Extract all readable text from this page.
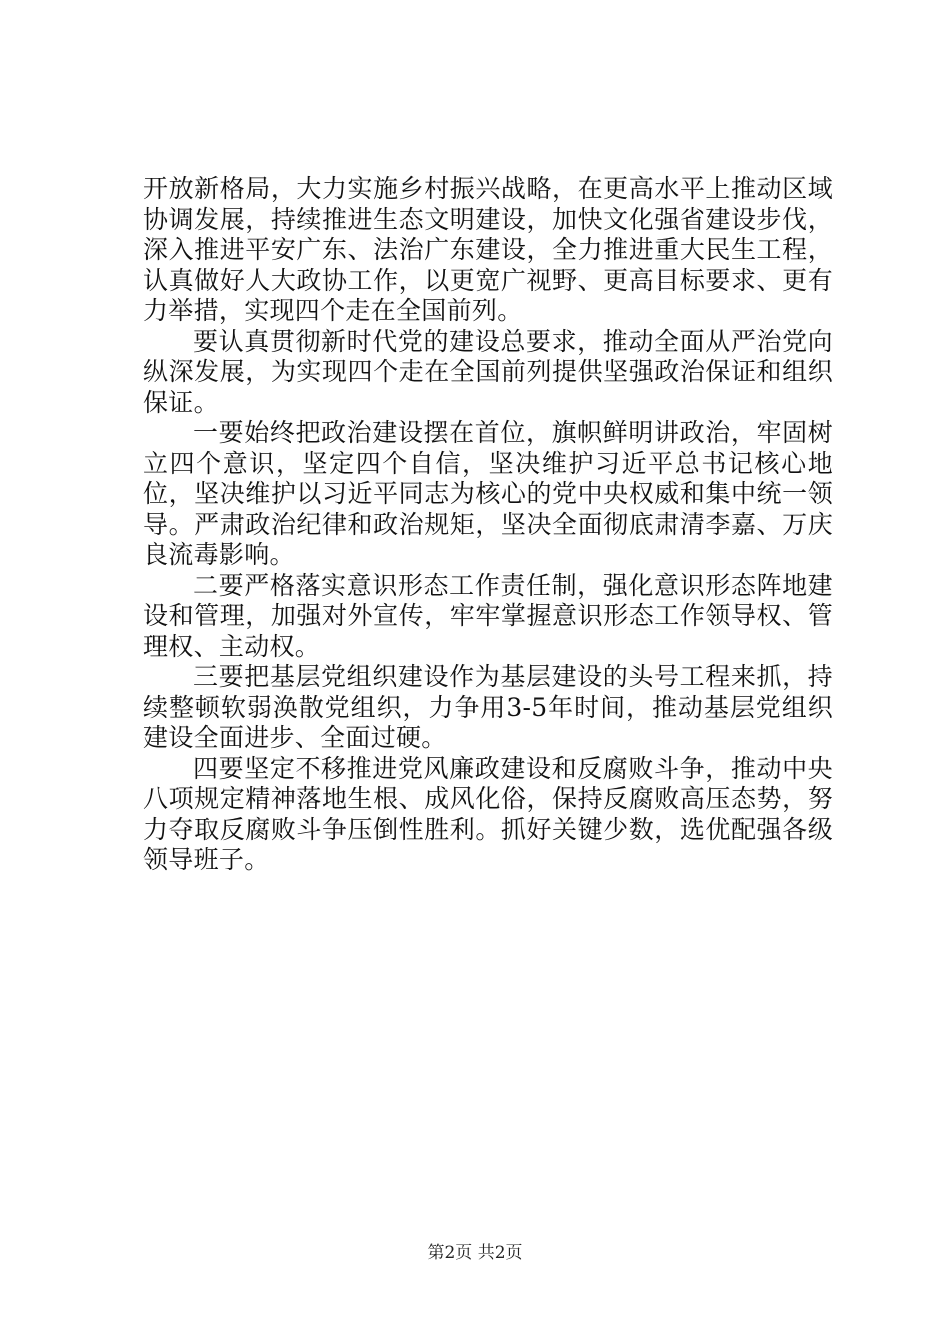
开放新格局，大力实施乡村振兴战略，在更高水平上推动区域协调发展，持续推进生态文明建设，加快文化强省建设步伐，深入推进平安广东、法治广东建设，全力推进重大民生工程，认真做好人大政协工作，以更宽广视野、更高目标要求、更有力举措，实现四个走在全国前列。

要认真贯彻新时代党的建设总要求，推动全面从严治党向纵深发展，为实现四个走在全国前列提供坚强政治保证和组织保证。

一要始终把政治建设摆在首位，旗帜鲜明讲政治，牢固树立四个意识，坚定四个自信，坚决维护习近平总书记核心地位，坚决维护以习近平同志为核心的党中央权威和集中统一领导。严肃政治纪律和政治规矩，坚决全面彻底肃清李嘉、万庆良流毒影响。

二要严格落实意识形态工作责任制，强化意识形态阵地建设和管理，加强对外宣传，牢牢掌握意识形态工作领导权、管理权、主动权。

三要把基层党组织建设作为基层建设的头号工程来抓，持续整顿软弱涣散党组织，力争用3-5年时间，推动基层党组织建设全面进步、全面过硬。

四要坚定不移推进党风廉政建设和反腐败斗争，推动中央八项规定精神落地生根、成风化俗，保持反腐败高压态势，努力夺取反腐败斗争压倒性胜利。抓好关键少数，选优配强各级领导班子。

第2页 共2页
